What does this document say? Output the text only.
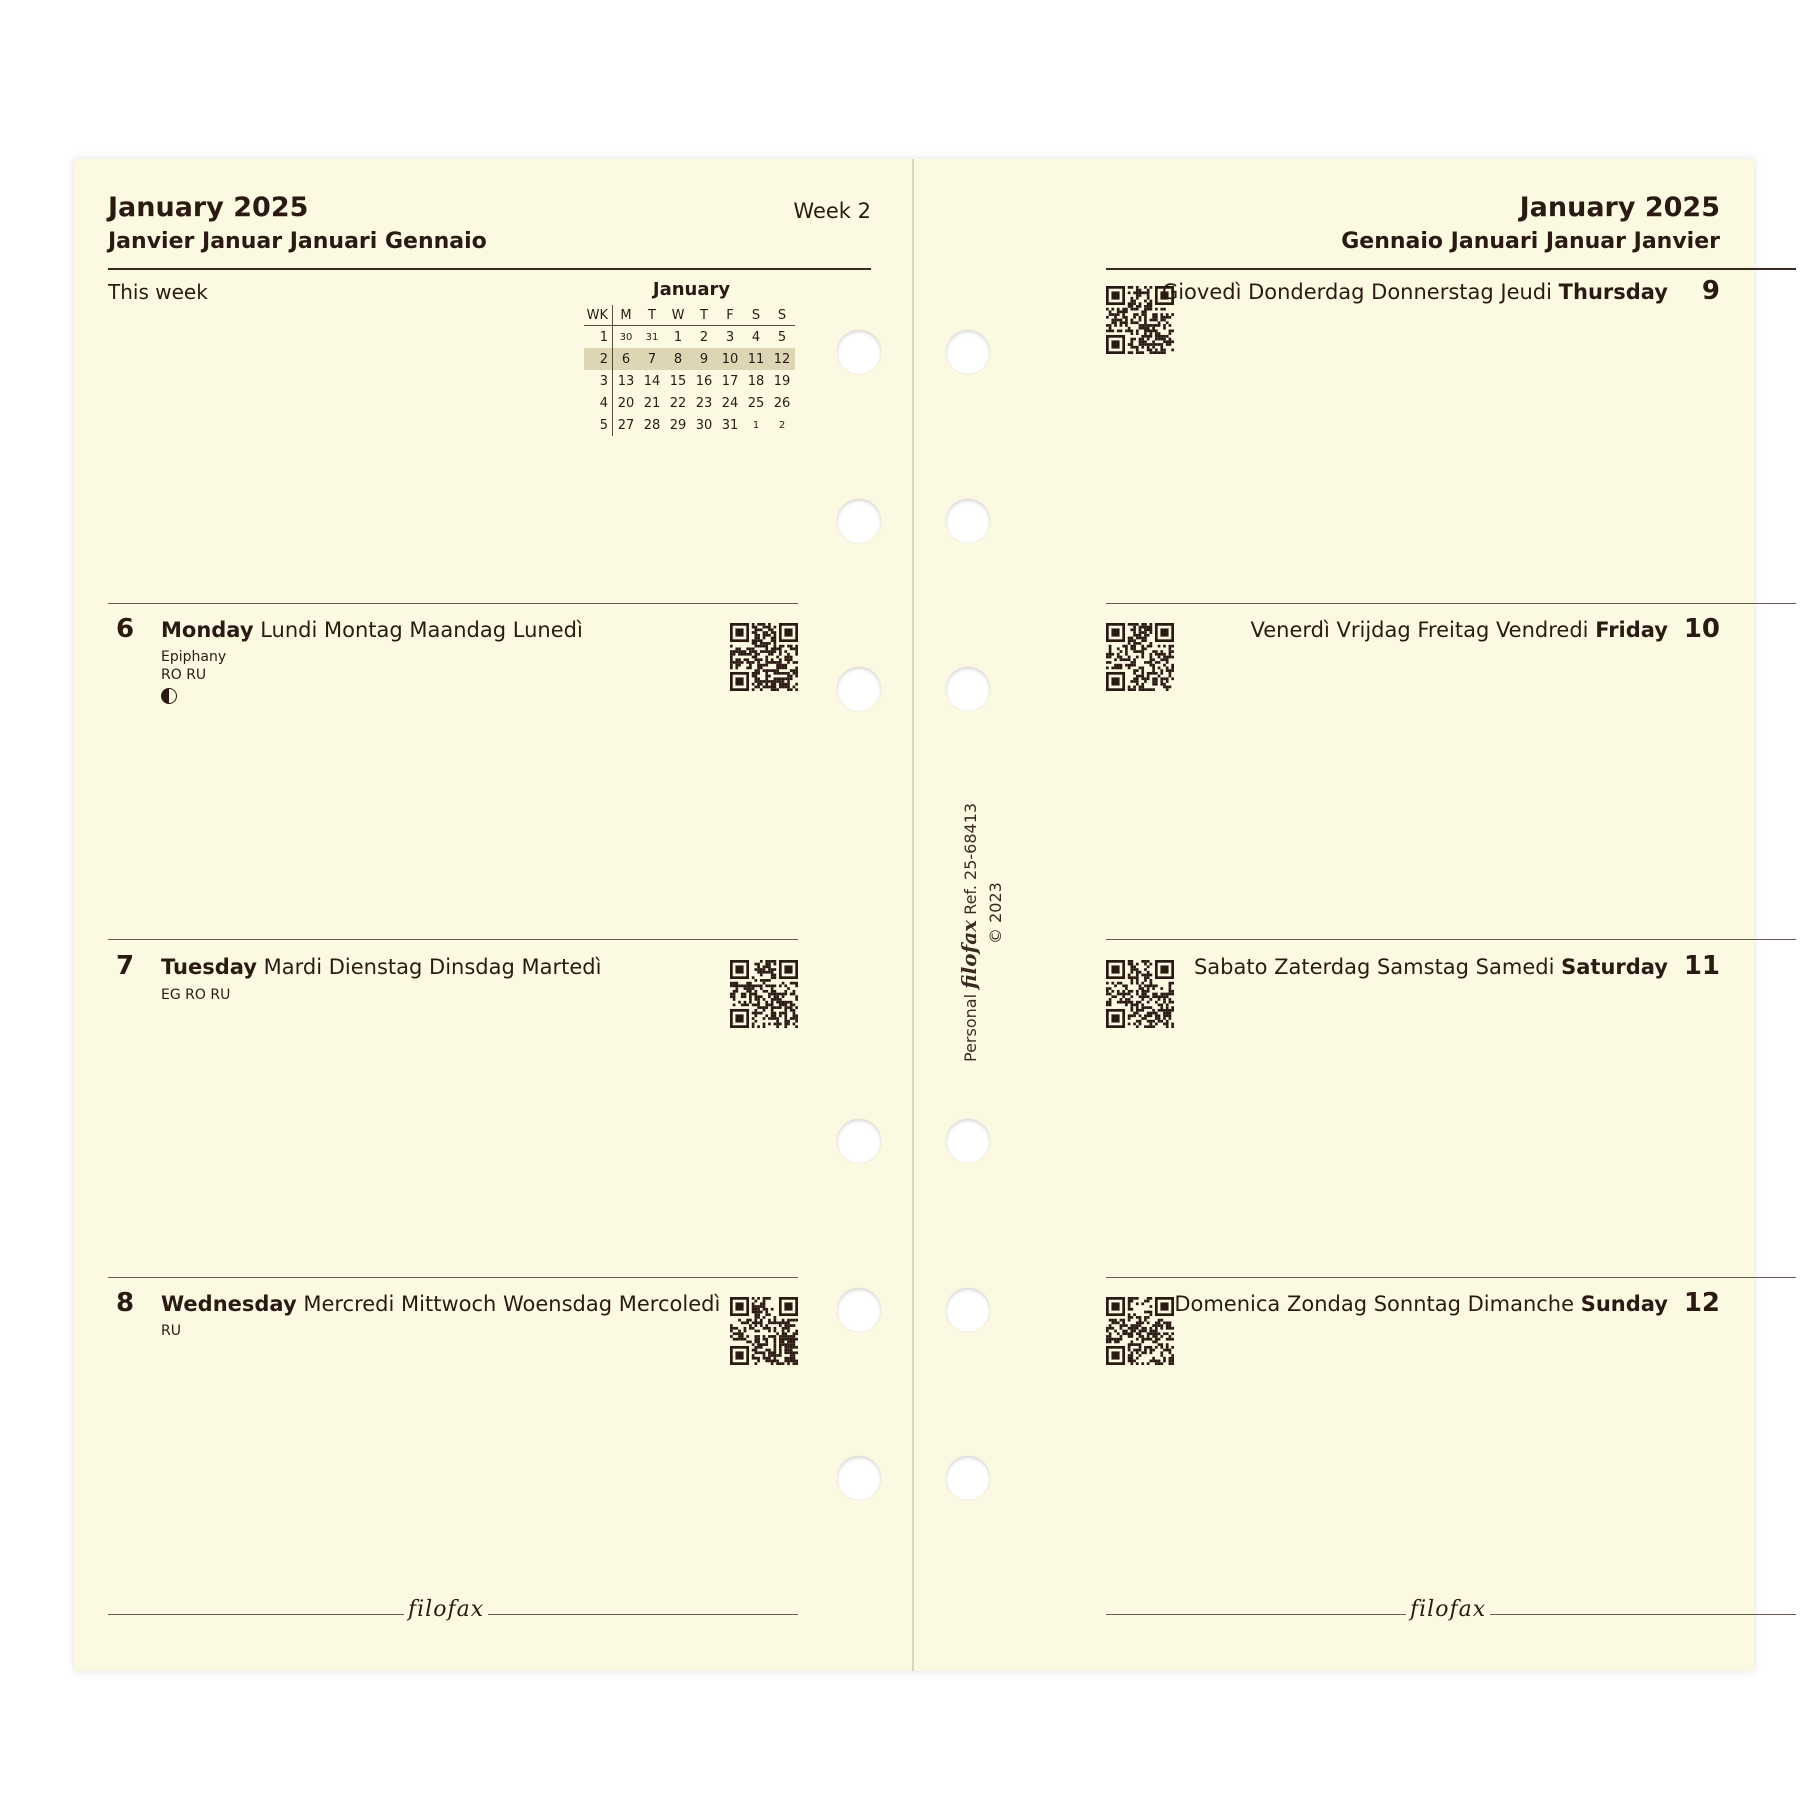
January 2025
Janvier Januar Januari Gennaio
Week 2
This week	January
WK	M	T	W	T	F	S	S
1	30	31	1	2	3	4	5
2	6	7	8	9	10	11	12
3	13	14	15	16	17	18	19
4	20	21	22	23	24	25	26
5	27	28	29	30	31	1	2
6 Monday Lundi Montag Maandag Lunedì
Epiphany
RO RU
7 Tuesday Mardi Dienstag Dinsdag Martedì
EG RO RU
8 Wednesday Mercredi Mittwoch Woensdag Mercoledì
RU
filofax
January 2025
Gennaio Januari Januar Janvier
Giovedì Donderdag Donnerstag Jeudi Thursday 9
Venerdì Vrijdag Freitag Vendredi Friday 10
Sabato Zaterdag Samstag Samedi Saturday 11
Domenica Zondag Sonntag Dimanche Sunday 12
filofax
Personal filofax Ref. 25-68413 © 2023
